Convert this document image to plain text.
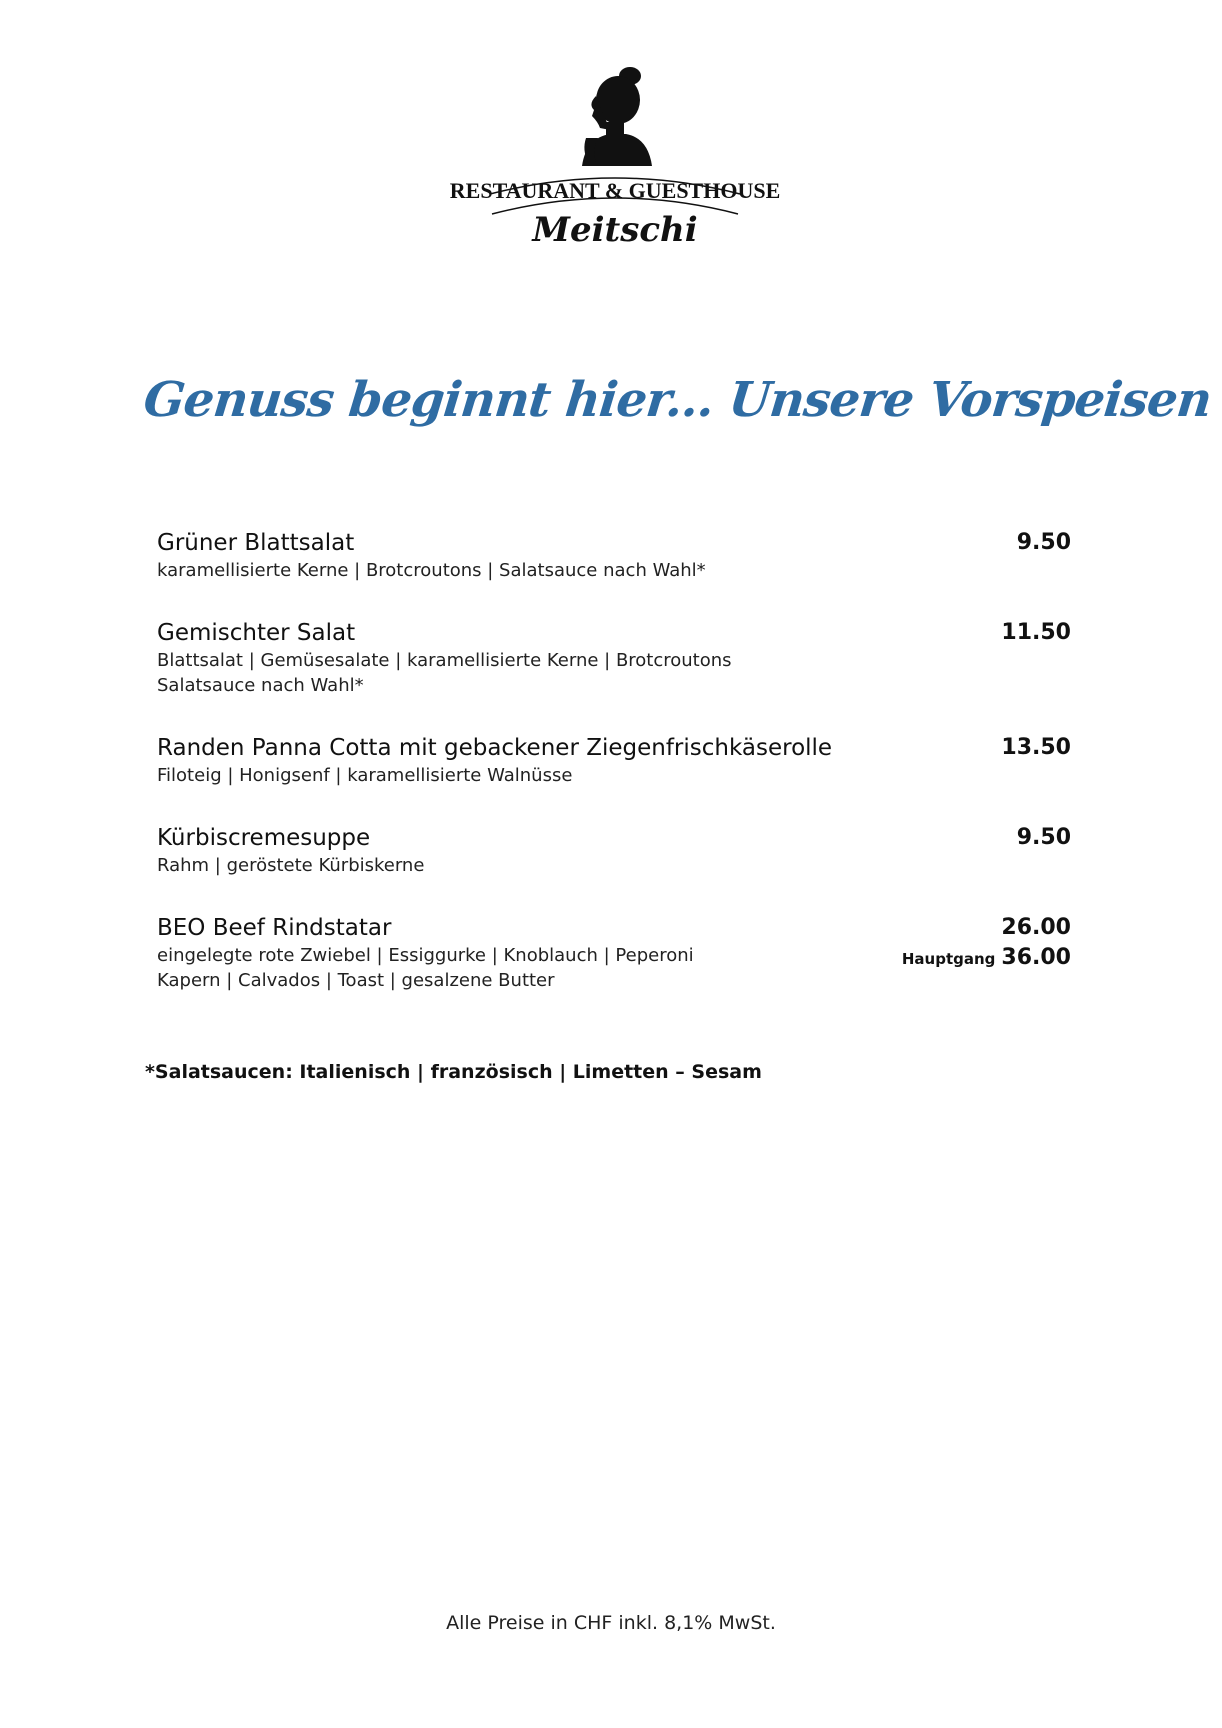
RESTAURANT & GUESTHOUSE
Meitschi
Genuss beginnt hier... Unsere Vorspeisen
Grüner Blattsalat
karamellisierte Kerne | Brotcroutons | Salatsauce nach Wahl*
9.50
Gemischter Salat
Blattsalat | Gemüsesalate | karamellisierte Kerne | Brotcroutons
Salatsauce nach Wahl*
11.50
Randen Panna Cotta mit gebackener Ziegenfrischkäserolle
Filoteig | Honigsenf | karamellisierte Walnüsse
13.50
Kürbiscremesuppe
Rahm | geröstete Kürbiskerne
9.50
BEO Beef Rindstatar
eingelegte rote Zwiebel | Essiggurke | Knoblauch | Peperoni
Kapern | Calvados | Toast | gesalzene Butter
26.00
Hauptgang 36.00
*Salatsaucen: Italienisch | französisch | Limetten – Sesam
Alle Preise in CHF inkl. 8,1% MwSt.
